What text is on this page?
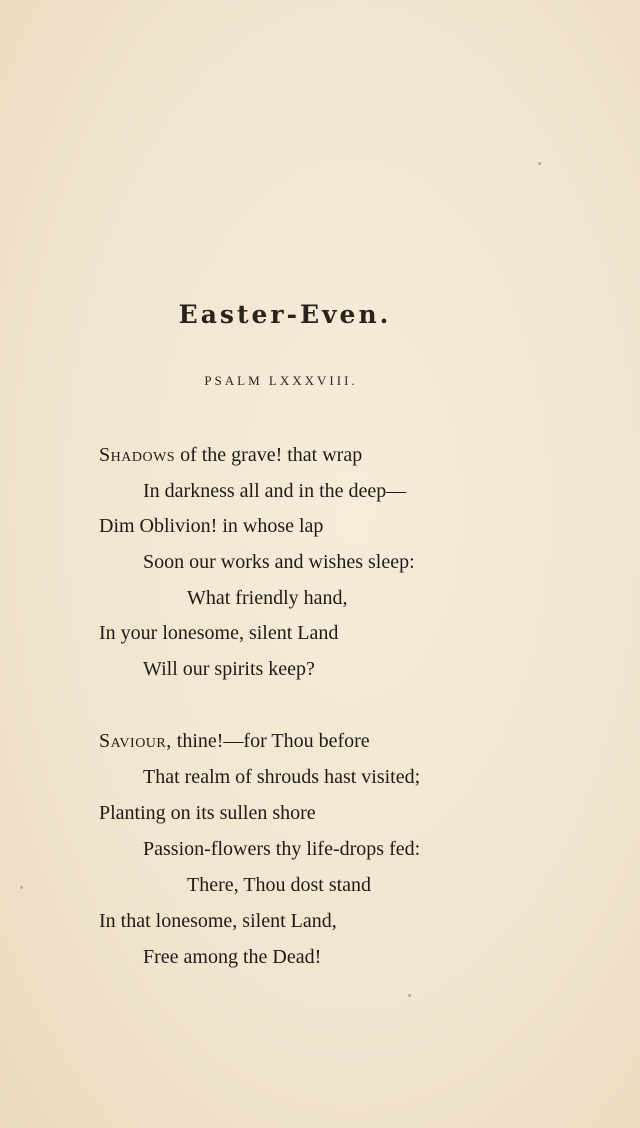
Easter-Even.
PSALM LXXXVIII.
Shadows of the grave! that wrap
In darkness all and in the deep—
Dim Oblivion! in whose lap
Soon our works and wishes sleep:
What friendly hand,
In your lonesome, silent Land
Will our spirits keep?
Saviour, thine!—for Thou before
That realm of shrouds hast visited;
Planting on its sullen shore
Passion-flowers thy life-drops fed:
There, Thou dost stand
In that lonesome, silent Land,
Free among the Dead!
